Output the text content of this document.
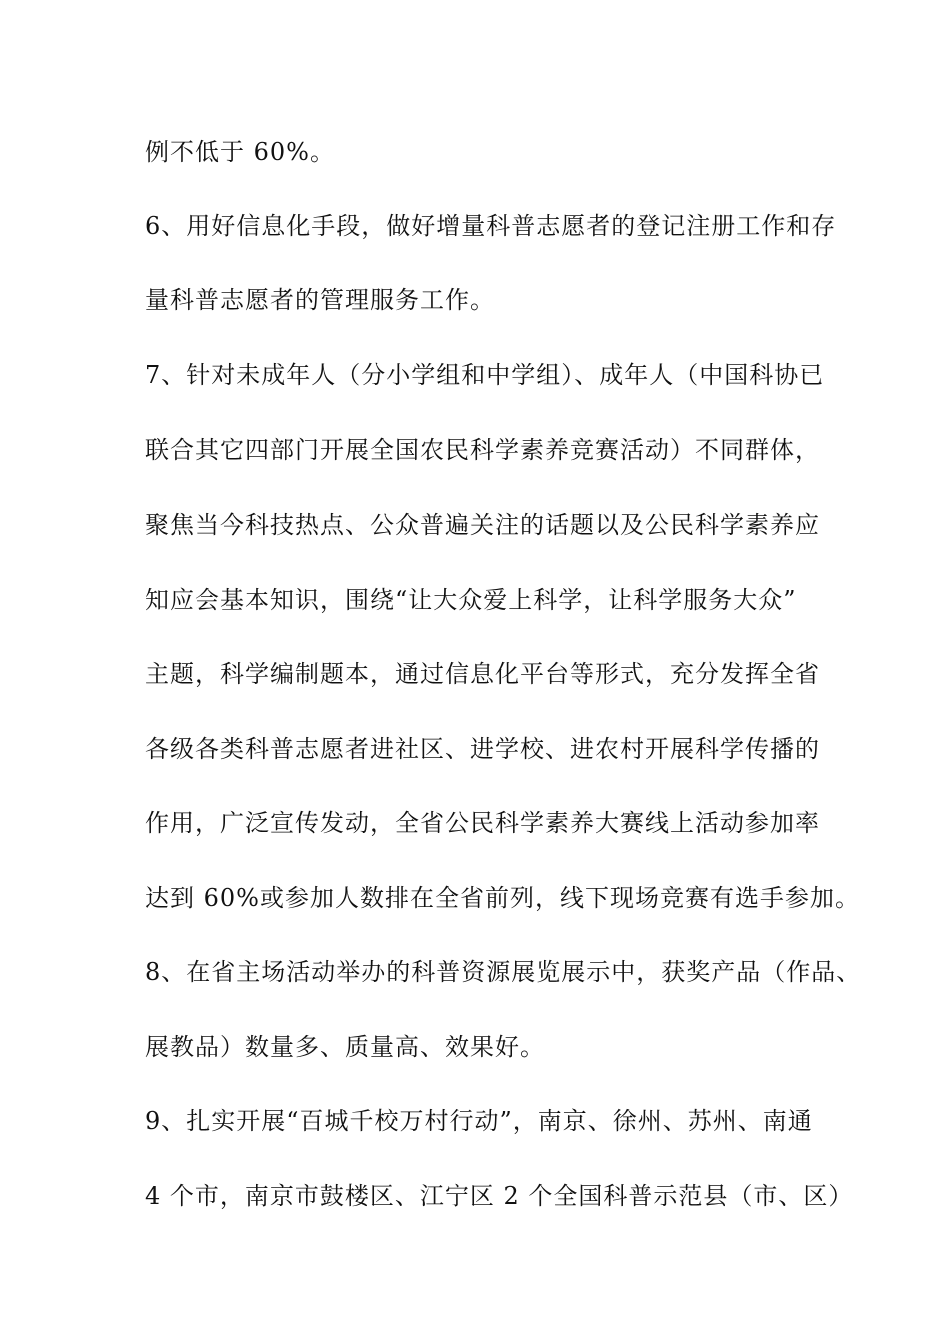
例不低于 60%。
6、用好信息化手段，做好增量科普志愿者的登记注册工作和存
量科普志愿者的管理服务工作。
7、针对未成年人（分小学组和中学组）、成年人（中国科协已
联合其它四部门开展全国农民科学素养竞赛活动）不同群体，
聚焦当今科技热点、公众普遍关注的话题以及公民科学素养应
知应会基本知识，围绕“让大众爱上科学，让科学服务大众”
主题，科学编制题本，通过信息化平台等形式，充分发挥全省
各级各类科普志愿者进社区、进学校、进农村开展科学传播的
作用，广泛宣传发动，全省公民科学素养大赛线上活动参加率
达到 60%或参加人数排在全省前列，线下现场竞赛有选手参加。
8、在省主场活动举办的科普资源展览展示中，获奖产品（作品、
展教品）数量多、质量高、效果好。
9、扎实开展“百城千校万村行动”，南京、徐州、苏州、南通
4 个市，南京市鼓楼区、江宁区 2 个全国科普示范县（市、区）
